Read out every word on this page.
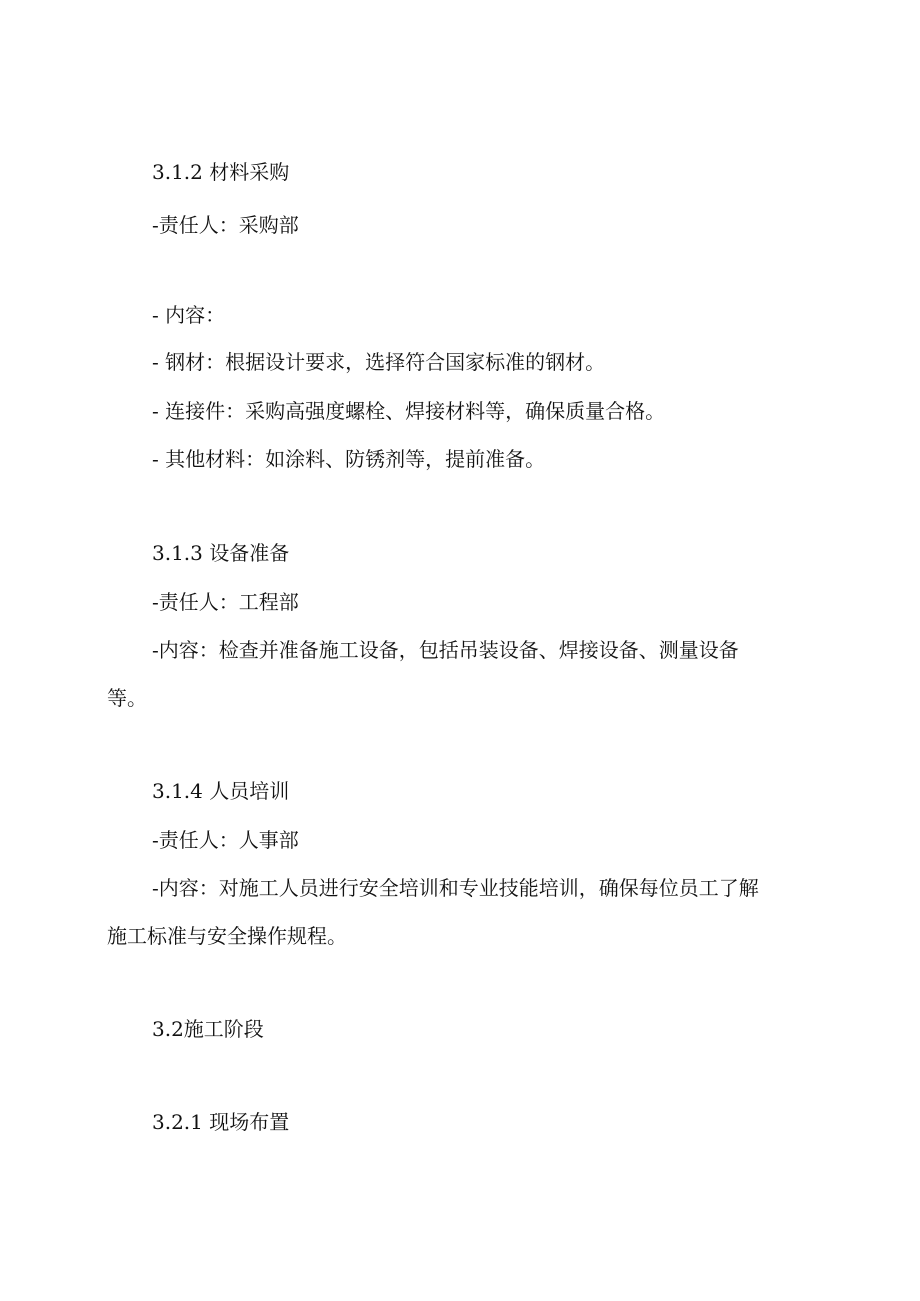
3.1.2 材料采购
-责任人：采购部
- 内容：
- 钢材：根据设计要求，选择符合国家标准的钢材。
- 连接件：采购高强度螺栓、焊接材料等，确保质量合格。
- 其他材料：如涂料、防锈剂等，提前准备。
3.1.3 设备准备
-责任人：工程部
-内容：检查并准备施工设备，包括吊装设备、焊接设备、测量设备
等。
3.1.4 人员培训
-责任人：人事部
-内容：对施工人员进行安全培训和专业技能培训，确保每位员工了解
施工标准与安全操作规程。
3.2施工阶段
3.2.1 现场布置
